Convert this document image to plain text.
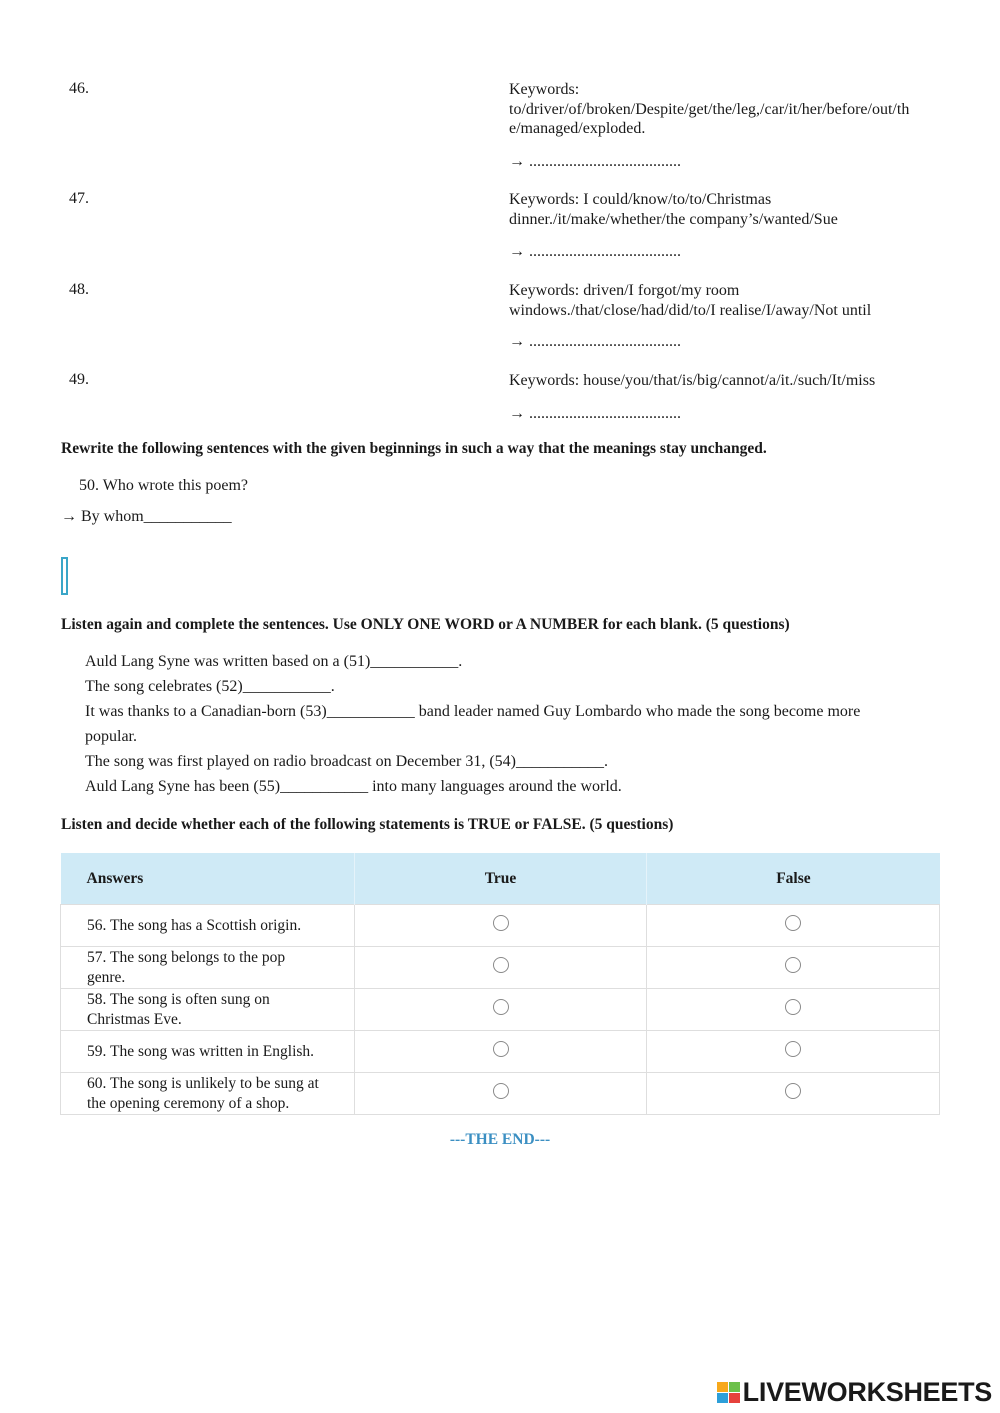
46.	Keywords:
to/driver/of/broken/Despite/get/the/leg,/car/it/her/before/out/th
e/managed/exploded.
→ ......................................
47.	Keywords: I could/know/to/to/Christmas
dinner./it/make/whether/the company’s/wanted/Sue
→ ......................................
48.	Keywords: driven/I forgot/my room
windows./that/close/had/did/to/I realise/I/away/Not until
→ ......................................
49.	Keywords: house/you/that/is/big/cannot/a/it./such/It/miss
→ ......................................
Rewrite the following sentences with the given beginnings in such a way that the meanings stay unchanged.
50. Who wrote this poem?
→ By whom___________
Listen again and complete the sentences. Use ONLY ONE WORD or A NUMBER for each blank. (5 questions)
Auld Lang Syne was written based on a (51)___________.
The song celebrates (52)___________.
It was thanks to a Canadian-born (53)___________ band leader named Guy Lombardo who made the song become more
popular.
The song was first played on radio broadcast on December 31, (54)___________.
Auld Lang Syne has been (55)___________ into many languages around the world.
Listen and decide whether each of the following statements is TRUE or FALSE. (5 questions)
Answers	True	False

56. The song has a Scottish origin.		

57. The song belongs to the pop
genre.		

58. The song is often sung on
Christmas Eve.		

59. The song was written in English.		

60. The song is unlikely to be sung at
the opening ceremony of a shop.		

---THE END---
LIVEWORKSHEETS
